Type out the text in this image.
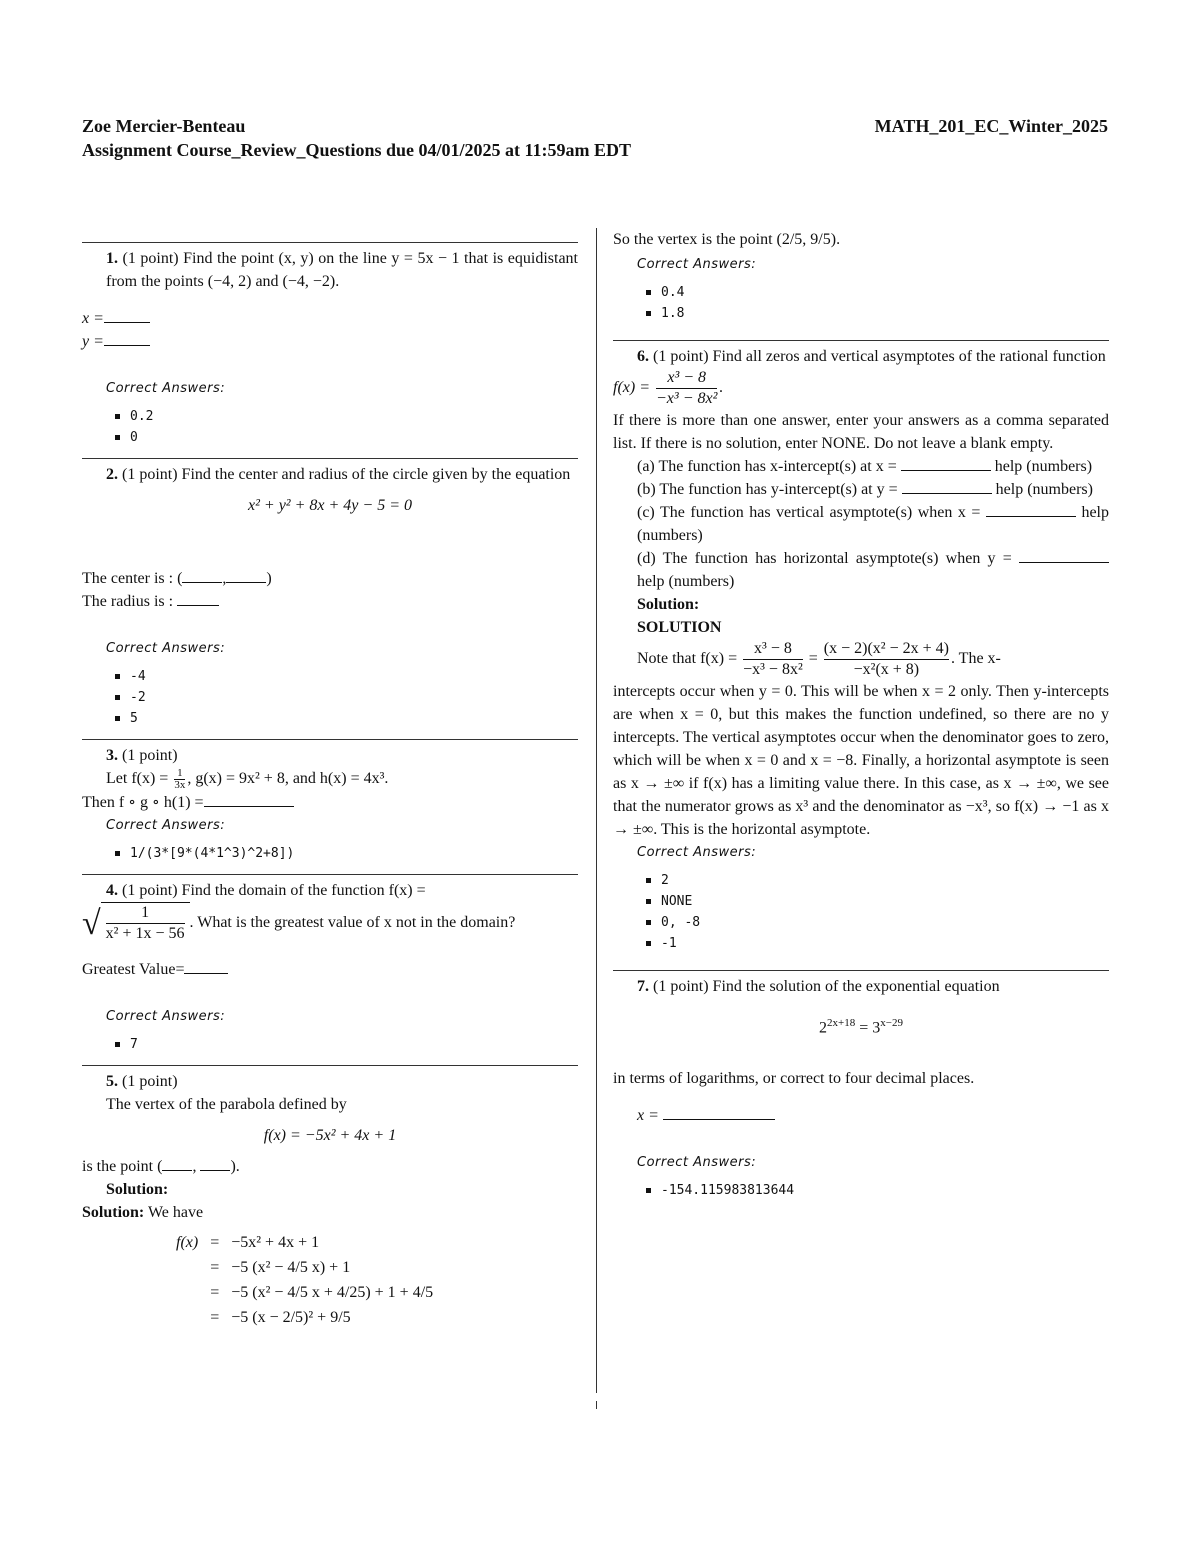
Zoe Mercier-Benteau	MATH_201_EC_Winter_2025
Assignment Course_Review_Questions due 04/01/2025 at 11:59am EDT
1. (1 point) Find the point (x, y) on the line y = 5x − 1 that is equidistant from the points (−4, 2) and (−4, −2).
x =
y =
Correct Answers:
0.2
0
2. (1 point) Find the center and radius of the circle given by the equation
x² + y² + 8x + 4y − 5 = 0
The center is : (	,	)
The radius is :
Correct Answers:
-4
-2
5
3. (1 point)
Let $f(x) = \frac{1}{3x}$ , g(x) = 9x² + 8, and h(x) = 4x³.
Then f ∘ g ∘ h(1) =
Correct Answers:
1/(3*[9*(4*1^3)^2+8])
4. (1 point) Find the domain of the function f(x) =
√ $\frac{1}{\text{x² + 1x − 56}}$ . What is the greatest value of x not in the domain?
Greatest Value=
Correct Answers:
7
5. (1 point)
The vertex of the parabola defined by
f(x) = −5x² + 4x + 1
is the point ( , ).
Solution:
Solution: We have
f(x)	=	−5x² + 4x + 1
	=	−5 (x² − 4/5 x) + 1
	=	−5 (x² − 4/5 x + 4/25) + 1 + 4/5
	=	−5 (x − 2/5)² + 9/5
So the vertex is the point (2/5, 9/5).
Correct Answers:
0.4
1.8
6. (1 point) Find all zeros and vertical asymptotes of the rational function
$f(x) = \frac{\text{x³ − 8}}{\text{−x³ − 8x²}}$ .
If there is more than one answer, enter your answers as a comma separated list. If there is no solution, enter NONE. Do not leave a blank empty.
(a) The function has x-intercept(s) at x =	help (numbers)
(b) The function has y-intercept(s) at y =	help (numbers)
(c) The function has vertical asymptote(s) when x =	help (numbers)
(d) The function has horizontal asymptote(s) when y =  help (numbers)
Solution:
SOLUTION
Note that $f(x) = \frac{\text{x³ − 8}}{\text{−x³ − 8x²}} = \frac{\text{(x − 2)(x² − 2x + 4)}}{\text{−x²(x + 8)}}$ . The x-
intercepts occur when y = 0. This will be when x = 2 only. Then y-intercepts are when x = 0, but this makes the function undefined, so there are no y intercepts. The vertical asymptotes occur when the denominator goes to zero, which will be when x = 0 and x = −8. Finally, a horizontal asymptote is seen as x → ±∞ if f(x) has a limiting value there. In this case, as x → ±∞, we see that the numerator grows as x³ and the denominator as −x³, so f(x) → −1 as x → ±∞. This is the horizontal asymptote.
Correct Answers:
2
NONE
0, -8
-1
7. (1 point) Find the solution of the exponential equation
$2^{2x+18} = 3^{x-29}$
in terms of logarithms, or correct to four decimal places.
x =
Correct Answers:
-154.115983813644
